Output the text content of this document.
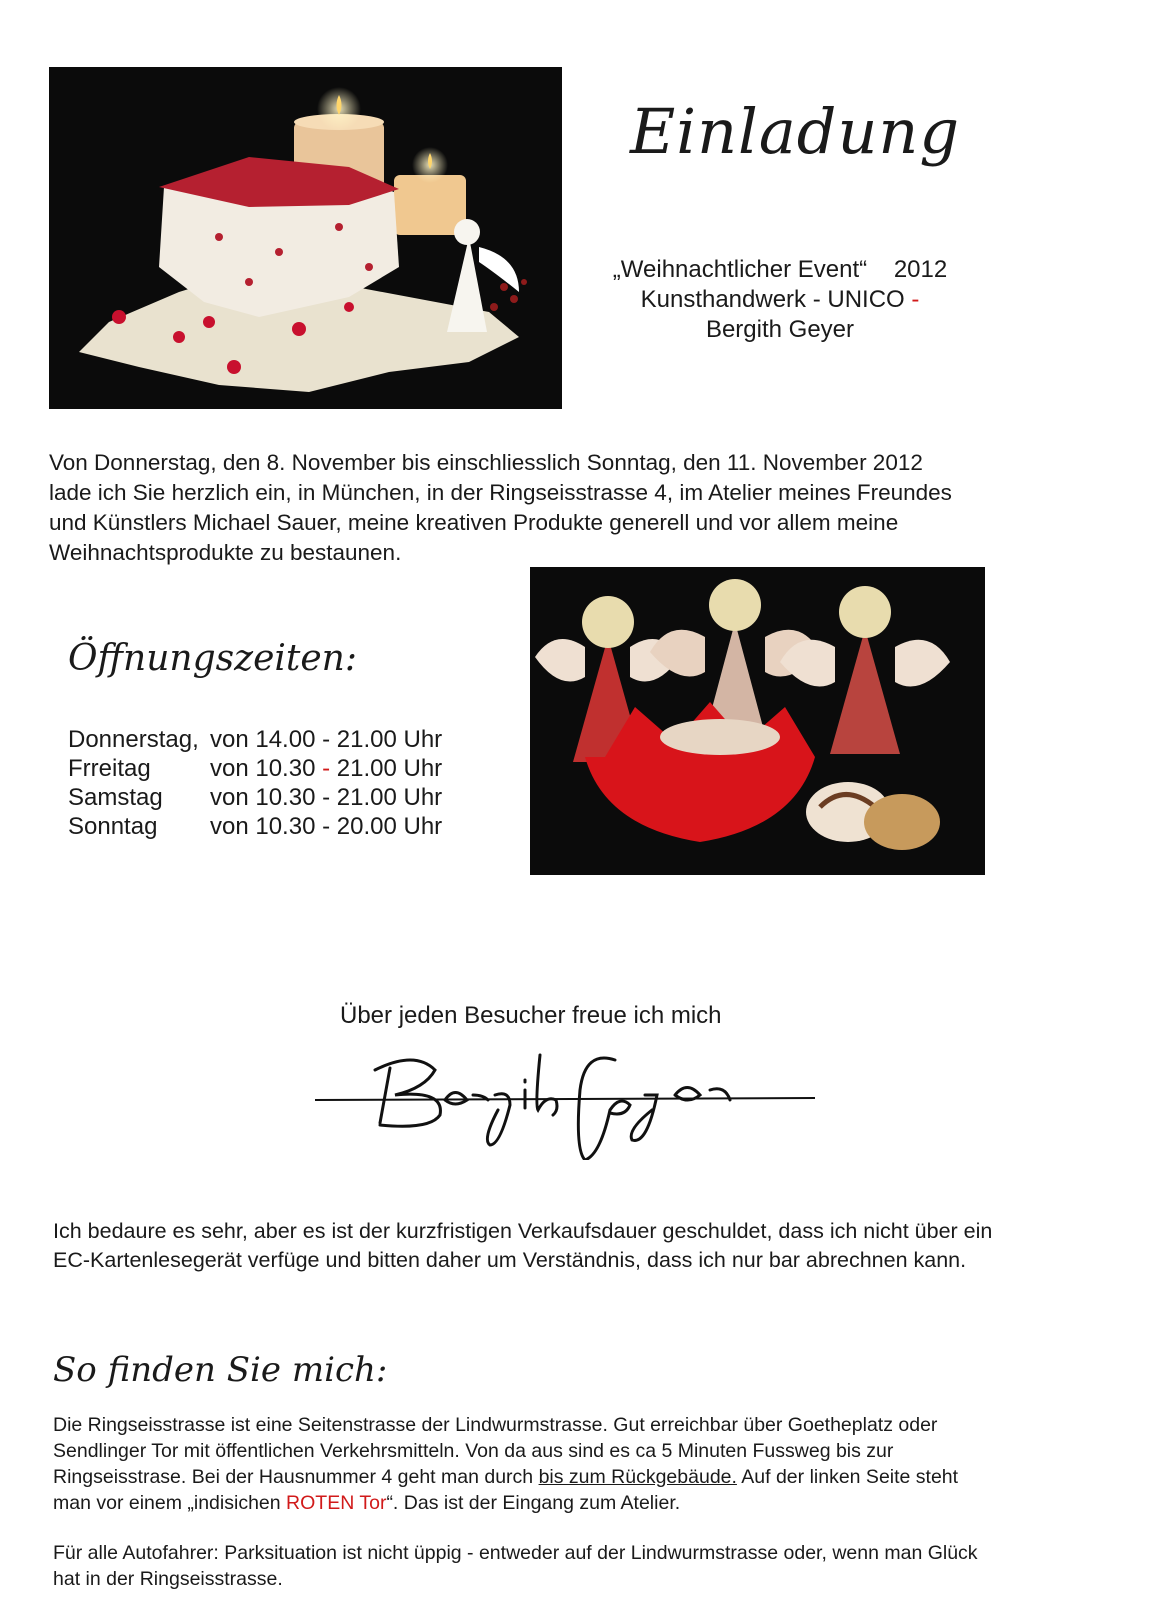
Einladung
„Weihnachtlicher Event“ 2012
Kunsthandwerk - UNICO -
Bergith Geyer
Von Donnerstag, den 8. November bis einschliesslich Sonntag, den 11. November 2012
lade ich Sie herzlich ein, in München, in der Ringseisstrasse 4, im Atelier meines Freundes
und Künstlers Michael Sauer, meine kreativen Produkte generell und vor allem meine
Weihnachtsprodukte zu bestaunen.
Öffnungszeiten:
Donnerstag,	von 14.00 - 21.00 Uhr
Frreitag	von 10.30 - 21.00 Uhr
Samstag	von 10.30 - 21.00 Uhr
Sonntag	von 10.30 - 20.00 Uhr
Über jeden Besucher freue ich mich
Ich bedaure es sehr, aber es ist der kurzfristigen Verkaufsdauer geschuldet, dass ich nicht über ein
EC-Kartenlesegerät verfüge und bitten daher um Verständnis, dass ich nur bar abrechnen kann.
So finden Sie mich:
Die Ringseisstrasse ist eine Seitenstrasse der Lindwurmstrasse. Gut erreichbar über Goetheplatz oder
Sendlinger Tor mit öffentlichen Verkehrsmitteln. Von da aus sind es ca 5 Minuten Fussweg bis zur
Ringseisstrase. Bei der Hausnummer 4 geht man durch bis zum Rückgebäude. Auf der linken Seite steht
man vor einem „indisichen ROTEN Tor“. Das ist der Eingang zum Atelier.
Für alle Autofahrer: Parksituation ist nicht üppig - entweder auf der Lindwurmstrasse oder, wenn man Glück
hat in der Ringseisstrasse.
